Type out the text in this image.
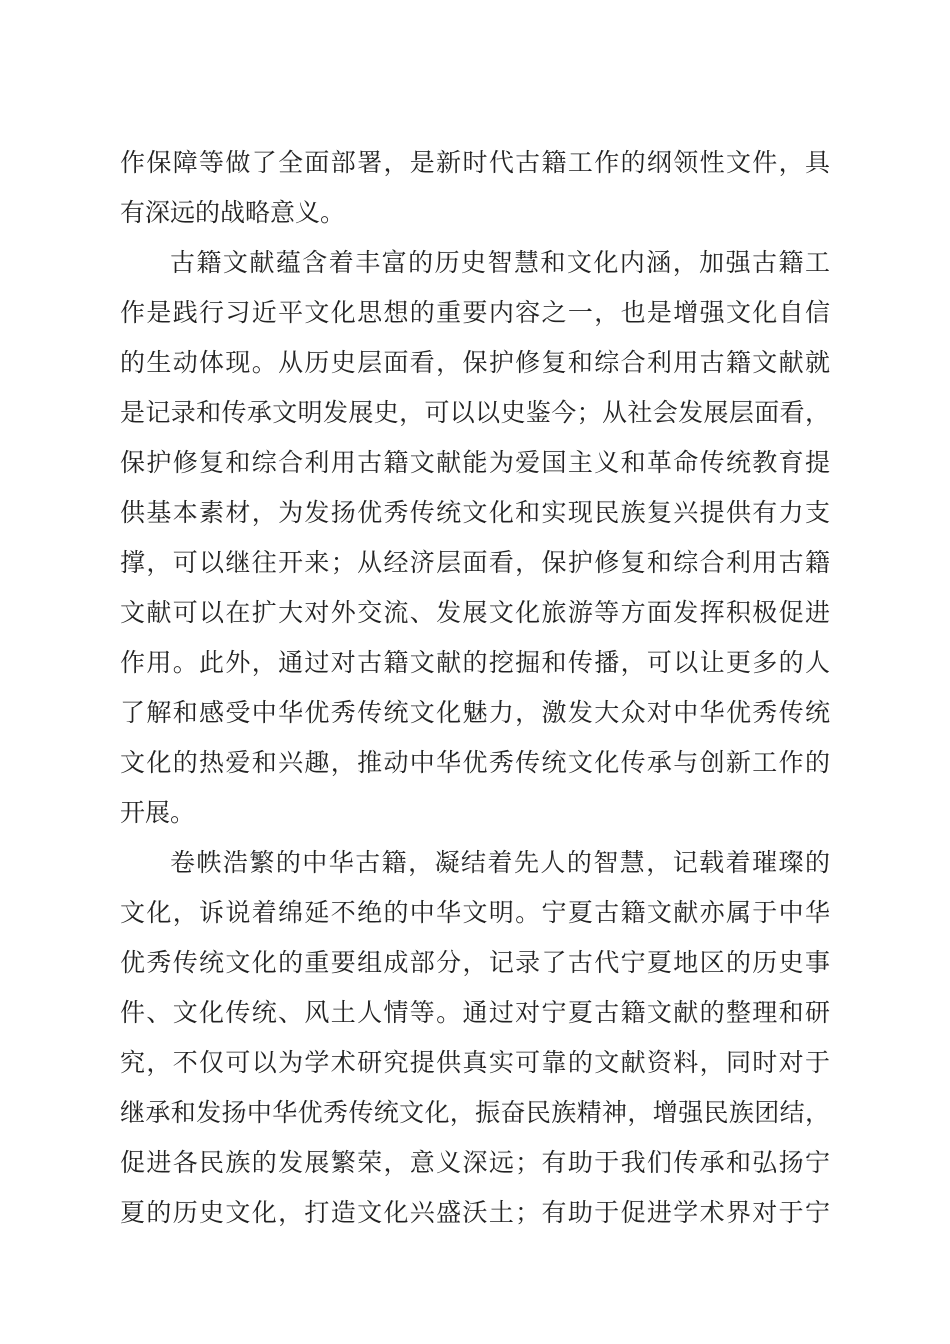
作保障等做了全面部署，是新时代古籍工作的纲领性文件，具
有深远的战略意义。
古籍文献蕴含着丰富的历史智慧和文化内涵，加强古籍工
作是践行习近平文化思想的重要内容之一，也是增强文化自信
的生动体现。从历史层面看，保护修复和综合利用古籍文献就
是记录和传承文明发展史，可以以史鉴今；从社会发展层面看，
保护修复和综合利用古籍文献能为爱国主义和革命传统教育提
供基本素材，为发扬优秀传统文化和实现民族复兴提供有力支
撑，可以继往开来；从经济层面看，保护修复和综合利用古籍
文献可以在扩大对外交流、发展文化旅游等方面发挥积极促进
作用。此外，通过对古籍文献的挖掘和传播，可以让更多的人
了解和感受中华优秀传统文化魅力，激发大众对中华优秀传统
文化的热爱和兴趣，推动中华优秀传统文化传承与创新工作的
开展。
卷帙浩繁的中华古籍，凝结着先人的智慧，记载着璀璨的
文化，诉说着绵延不绝的中华文明。宁夏古籍文献亦属于中华
优秀传统文化的重要组成部分，记录了古代宁夏地区的历史事
件、文化传统、风土人情等。通过对宁夏古籍文献的整理和研
究，不仅可以为学术研究提供真实可靠的文献资料，同时对于
继承和发扬中华优秀传统文化，振奋民族精神，增强民族团结，
促进各民族的发展繁荣，意义深远；有助于我们传承和弘扬宁
夏的历史文化，打造文化兴盛沃土；有助于促进学术界对于宁
